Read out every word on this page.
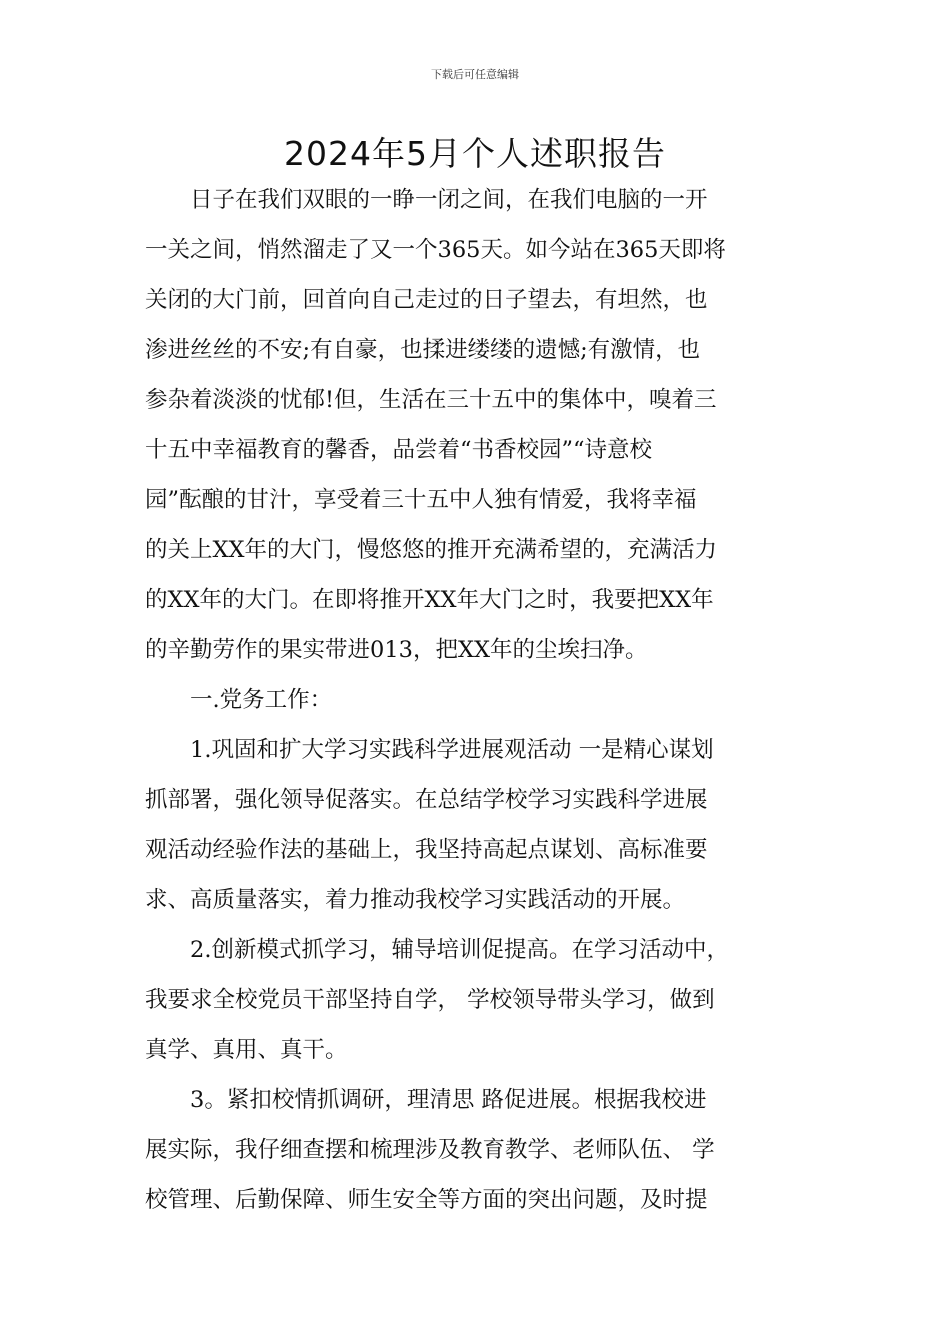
下载后可任意编辑
2024年5月个人述职报告
　　日子在我们双眼的一睁一闭之间，在我们电脑的一开
一关之间，悄然溜走了又一个365天。如今站在365天即将
关闭的大门前，回首向自己走过的日子望去，有坦然，也
渗进丝丝的不安;有自豪，也揉进缕缕的遗憾;有激情，也
参杂着淡淡的忧郁!但，生活在三十五中的集体中，嗅着三
十五中幸福教育的馨香，品尝着“书香校园”“诗意校
园”酝酿的甘汁，享受着三十五中人独有情爱，我将幸福
的关上XX年的大门，慢悠悠的推开充满希望的，充满活力
的XX年的大门。在即将推开XX年大门之时，我要把XX年
的辛勤劳作的果实带进013，把XX年的尘埃扫净。
　　一.党务工作：
　　1.巩固和扩大学习实践科学进展观活动 一是精心谋划
抓部署，强化领导促落实。在总结学校学习实践科学进展
观活动经验作法的基础上，我坚持高起点谋划、高标准要
求、高质量落实，着力推动我校学习实践活动的开展。
　　2.创新模式抓学习，辅导培训促提高。在学习活动中，
我要求全校党员干部坚持自学， 学校领导带头学习，做到
真学、真用、真干。
　　3。紧扣校情抓调研，理清思 路促进展。根据我校进
展实际，我仔细查摆和梳理涉及教育教学、老师队伍、 学
校管理、后勤保障、师生安全等方面的突出问题，及时提
